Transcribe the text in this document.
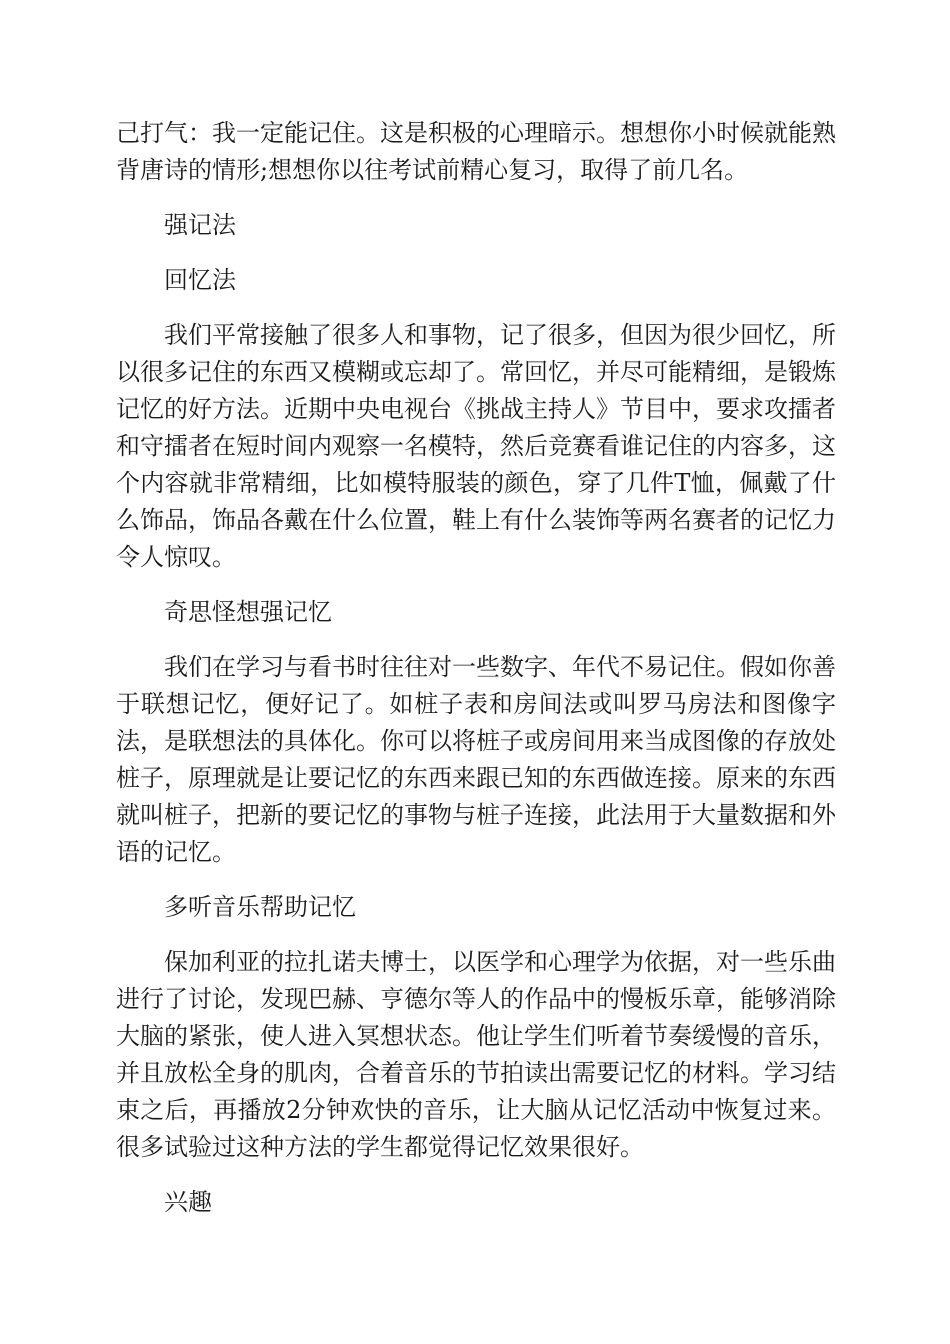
己打气：我一定能记住。这是积极的心理暗示。想想你小时候就能熟背唐诗的情形;想想你以往考试前精心复习，取得了前几名。

强记法

回忆法

我们平常接触了很多人和事物，记了很多，但因为很少回忆，所以很多记住的东西又模糊或忘却了。常回忆，并尽可能精细，是锻炼记忆的好方法。近期中央电视台《挑战主持人》节目中，要求攻擂者和守擂者在短时间内观察一名模特，然后竞赛看谁记住的内容多，这个内容就非常精细，比如模特服装的颜色，穿了几件T恤，佩戴了什么饰品，饰品各戴在什么位置，鞋上有什么装饰等两名赛者的记忆力令人惊叹。

奇思怪想强记忆

我们在学习与看书时往往对一些数字、年代不易记住。假如你善于联想记忆，便好记了。如桩子表和房间法或叫罗马房法和图像字法，是联想法的具体化。你可以将桩子或房间用来当成图像的存放处桩子，原理就是让要记忆的东西来跟已知的东西做连接。原来的东西就叫桩子，把新的要记忆的事物与桩子连接，此法用于大量数据和外语的记忆。

多听音乐帮助记忆

保加利亚的拉扎诺夫博士，以医学和心理学为依据，对一些乐曲进行了讨论，发现巴赫、亨德尔等人的作品中的慢板乐章，能够消除大脑的紧张，使人进入冥想状态。他让学生们听着节奏缓慢的音乐，并且放松全身的肌肉，合着音乐的节拍读出需要记忆的材料。学习结束之后，再播放2分钟欢快的音乐，让大脑从记忆活动中恢复过来。很多试验过这种方法的学生都觉得记忆效果很好。

兴趣
